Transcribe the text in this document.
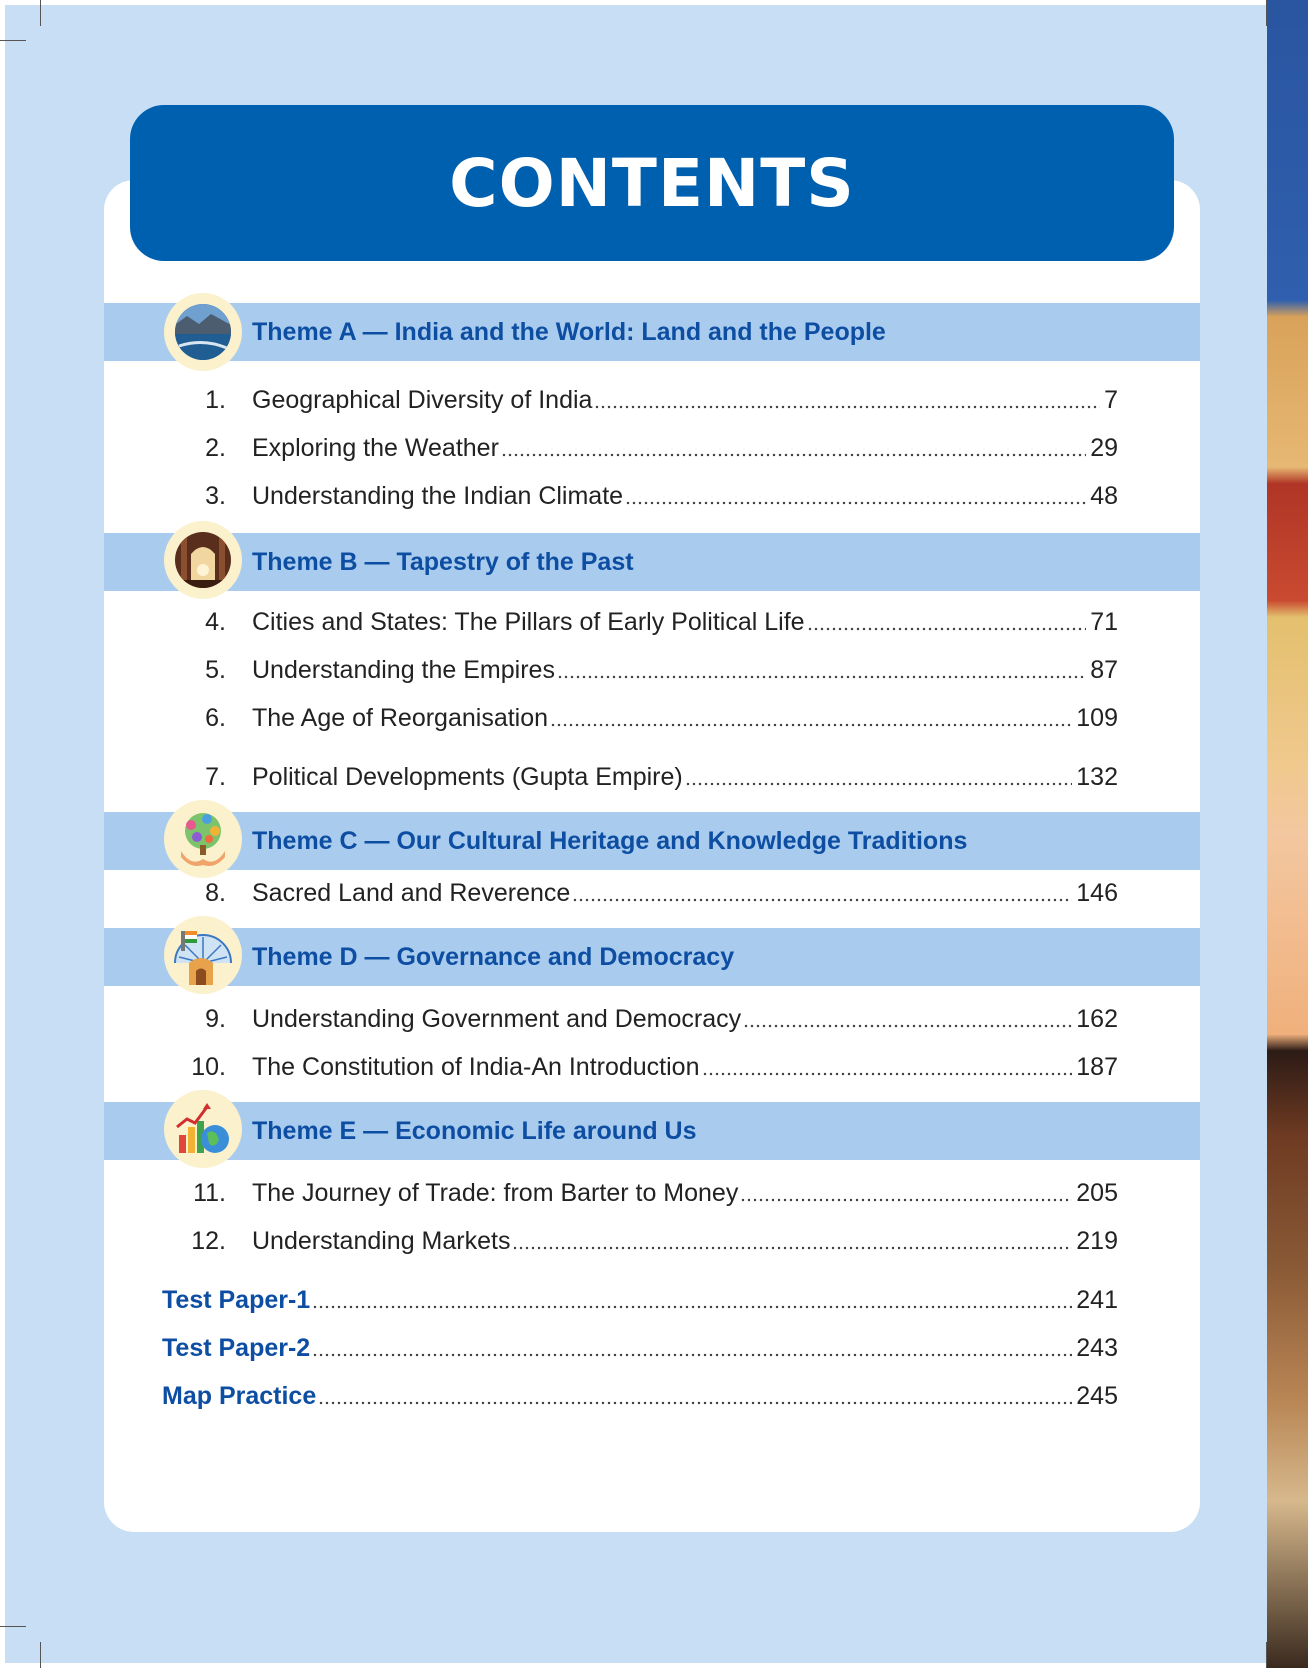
CONTENTS
Theme A — India and the World: Land and the People
1. Geographical Diversity of India	7
2. Exploring the Weather	29
3. Understanding the Indian Climate	48
Theme B — Tapestry of the Past
4. Cities and States: The Pillars of Early Political Life	71
5. Understanding the Empires	87
6. The Age of Reorganisation	109
7. Political Developments (Gupta Empire)	132
Theme C — Our Cultural Heritage and Knowledge Traditions
8. Sacred Land and Reverence	146
Theme D — Governance and Democracy
9. Understanding Government and Democracy	162
10. The Constitution of India-An Introduction	187
Theme E — Economic Life around Us
11. The Journey of Trade: from Barter to Money	205
12. Understanding Markets	219
Test Paper-1	241
Test Paper-2	243
Map Practice	245
